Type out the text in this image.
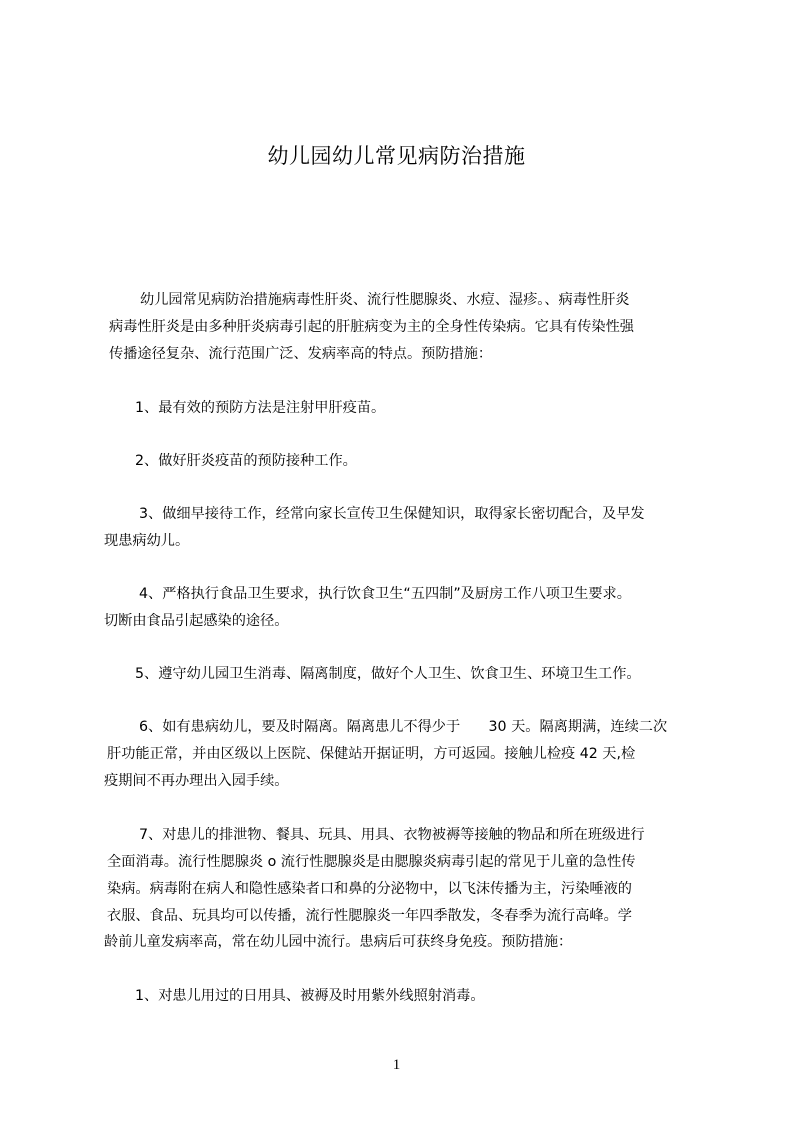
幼儿园幼儿常见病防治措施
幼儿园常见病防治措施病毒性肝炎、流行性腮腺炎、水痘、湿疹。、病毒性肝炎
病毒性肝炎是由多种肝炎病毒引起的肝脏病变为主的全身性传染病。它具有传染性强
传播途径复杂、流行范围广泛、发病率高的特点。预防措施：
1、最有效的预防方法是注射甲肝疫苗。
2、做好肝炎疫苗的预防接种工作。
3、做细早接待工作，经常向家长宣传卫生保健知识，取得家长密切配合，及早发
现患病幼儿。
4、严格执行食品卫生要求，执行饮食卫生“五四制”及厨房工作八项卫生要求。
切断由食品引起感染的途径。
5、遵守幼儿园卫生消毒、隔离制度，做好个人卫生、饮食卫生、环境卫生工作。
6、如有患病幼儿，要及时隔离。隔离患儿不得少于　　30 天。隔离期满，连续二次
肝功能正常，并由区级以上医院、保健站开据证明，方可返园。接触儿检疫 42 天,检
疫期间不再办理出入园手续。
7、对患儿的排泄物、餐具、玩具、用具、衣物被褥等接触的物品和所在班级进行
全面消毒。流行性腮腺炎 o 流行性腮腺炎是由腮腺炎病毒引起的常见于儿童的急性传
染病。病毒附在病人和隐性感染者口和鼻的分泌物中，以飞沫传播为主，污染唾液的
衣服、食品、玩具均可以传播，流行性腮腺炎一年四季散发，冬春季为流行高峰。学
龄前儿童发病率高，常在幼儿园中流行。患病后可获终身免疫。预防措施：
1、对患儿用过的日用具、被褥及时用紫外线照射消毒。
1
